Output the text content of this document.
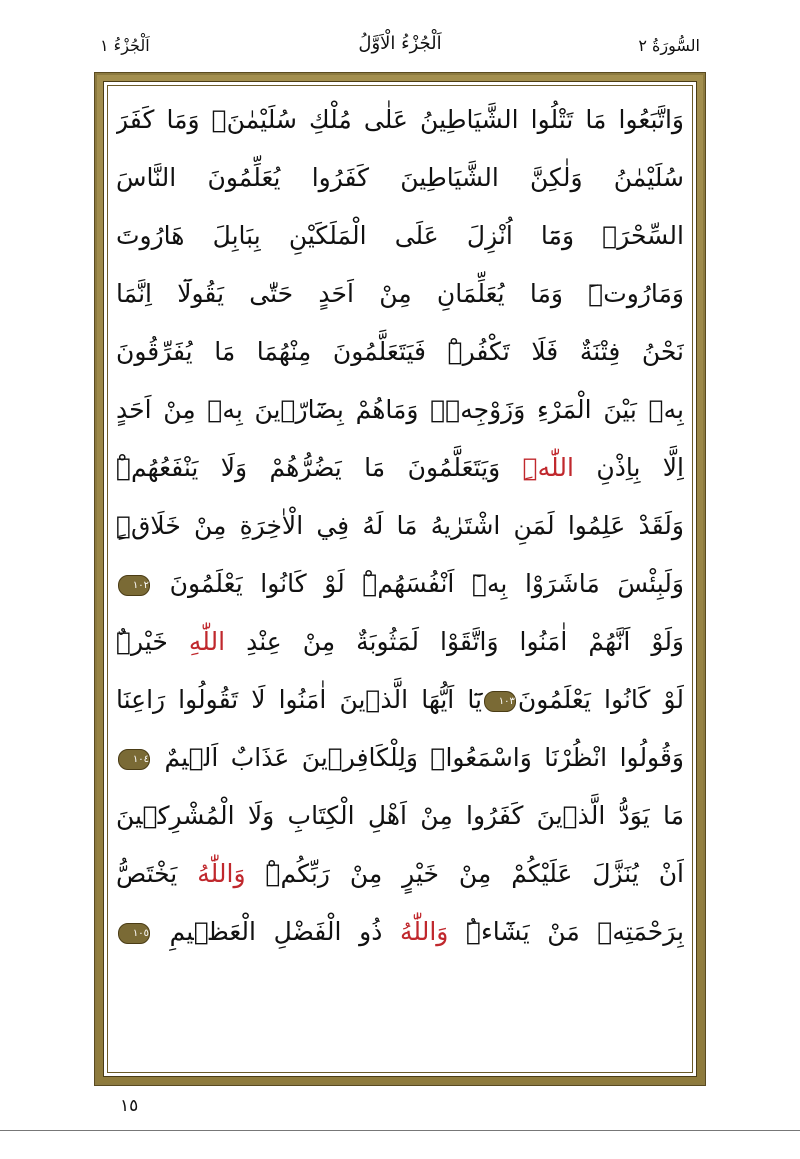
السُّورَةُ ٢
اَلْجُزْءُ الْاَوَّلُ
اَلْجُزْءُ ١
وَاتَّبَعُوا مَا تَتْلُوا الشَّيَاطِينُ عَلٰى مُلْكِ سُلَيْمٰنَۚ وَمَا كَفَرَ
سُلَيْمٰنُ وَلٰكِنَّ الشَّيَاطِينَ كَفَرُوا يُعَلِّمُونَ النَّاسَ
السِّحْرَۗ وَمَٓا اُنْزِلَ عَلَى الْمَلَكَيْنِ بِبَابِلَ هَارُوتَ
وَمَارُوتَۜ وَمَا يُعَلِّمَانِ مِنْ اَحَدٍ حَتّٰى يَقُولَٓا اِنَّمَا
نَحْنُ فِتْنَةٌ فَلَا تَكْفُرْۜ فَيَتَعَلَّمُونَ مِنْهُمَا مَا يُفَرِّقُونَ
بِهٖ بَيْنَ الْمَرْءِ وَزَوْجِهٖۜ وَمَاهُمْ بِضَٓارّ۪ينَ بِهٖ مِنْ اَحَدٍ
اِلَّا بِاِذْنِ اللّٰهِۜ وَيَتَعَلَّمُونَ مَا يَضُرُّهُمْ وَلَا يَنْفَعُهُمْۜ
وَلَقَدْ عَلِمُوا لَمَنِ اشْتَرٰيهُ مَا لَهُ فِي الْاٰخِرَةِ مِنْ خَلَاقٍۜ
وَلَبِئْسَ مَاشَرَوْا بِهٖٓ اَنْفُسَهُمْۜ لَوْ كَانُوا يَعْلَمُونَ ١٠٢
وَلَوْ اَنَّهُمْ اٰمَنُوا وَاتَّقَوْا لَمَثُوبَةٌ مِنْ عِنْدِ اللّٰهِ خَيْرٌۜ
لَوْ كَانُوا يَعْلَمُونَ١٠٣يَٓا اَيُّهَا الَّذ۪ينَ اٰمَنُوا لَا تَقُولُوا رَاعِنَا
وَقُولُوا انْظُرْنَا وَاسْمَعُواۜ وَلِلْكَافِر۪ينَ عَذَابٌ اَل۪يمٌ ١٠٤
مَا يَوَدُّ الَّذ۪ينَ كَفَرُوا مِنْ اَهْلِ الْكِتَابِ وَلَا الْمُشْرِك۪ينَ
اَنْ يُنَزَّلَ عَلَيْكُمْ مِنْ خَيْرٍ مِنْ رَبِّكُمْۜ وَاللّٰهُ يَخْتَصُّ
بِرَحْمَتِهٖ مَنْ يَشَٓاءُۜ وَاللّٰهُ ذُو الْفَضْلِ الْعَظ۪يمِ ١٠٥
١٥
